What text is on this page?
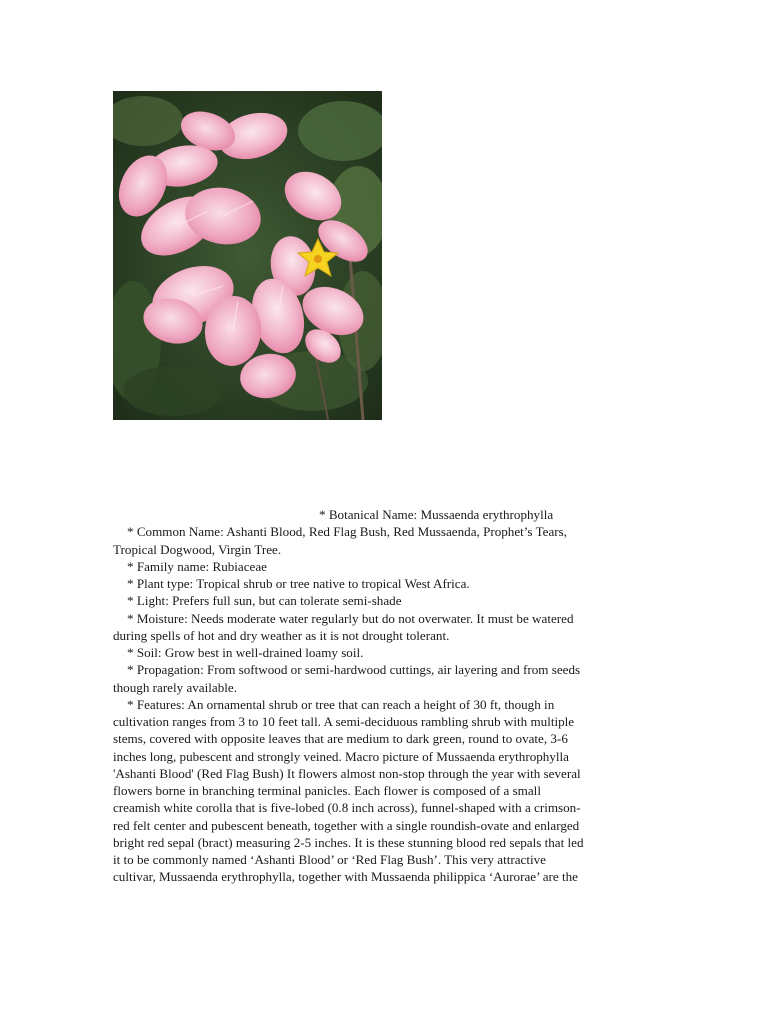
* Botanical Name: Mussaenda erythrophylla

* Common Name: Ashanti Blood, Red Flag Bush, Red Mussaenda, Prophet’s Tears,

Tropical Dogwood, Virgin Tree.

* Family name: Rubiaceae

* Plant type: Tropical shrub or tree native to tropical West Africa.

* Light: Prefers full sun, but can tolerate semi-shade

* Moisture: Needs moderate water regularly but do not overwater. It must be watered

during spells of hot and dry weather as it is not drought tolerant.

* Soil: Grow best in well-drained loamy soil.

* Propagation: From softwood or semi-hardwood cuttings, air layering and from seeds

though rarely available.

* Features: An ornamental shrub or tree that can reach a height of 30 ft, though in

cultivation ranges from 3 to 10 feet tall. A semi-deciduous rambling shrub with multiple

stems, covered with opposite leaves that are medium to dark green, round to ovate, 3-6

inches long, pubescent and strongly veined. Macro picture of Mussaenda erythrophylla

'Ashanti Blood' (Red Flag Bush) It flowers almost non-stop through the year with several

flowers borne in branching terminal panicles. Each flower is composed of a small

creamish white corolla that is five-lobed (0.8 inch across), funnel-shaped with a crimson-

red felt center and pubescent beneath, together with a single roundish-ovate and enlarged

bright red sepal (bract) measuring 2-5 inches. It is these stunning blood red sepals that led

it to be commonly named ‘Ashanti Blood’ or ‘Red Flag Bush’. This very attractive

cultivar, Mussaenda erythrophylla, together with Mussaenda philippica ‘Aurorae’ are the
